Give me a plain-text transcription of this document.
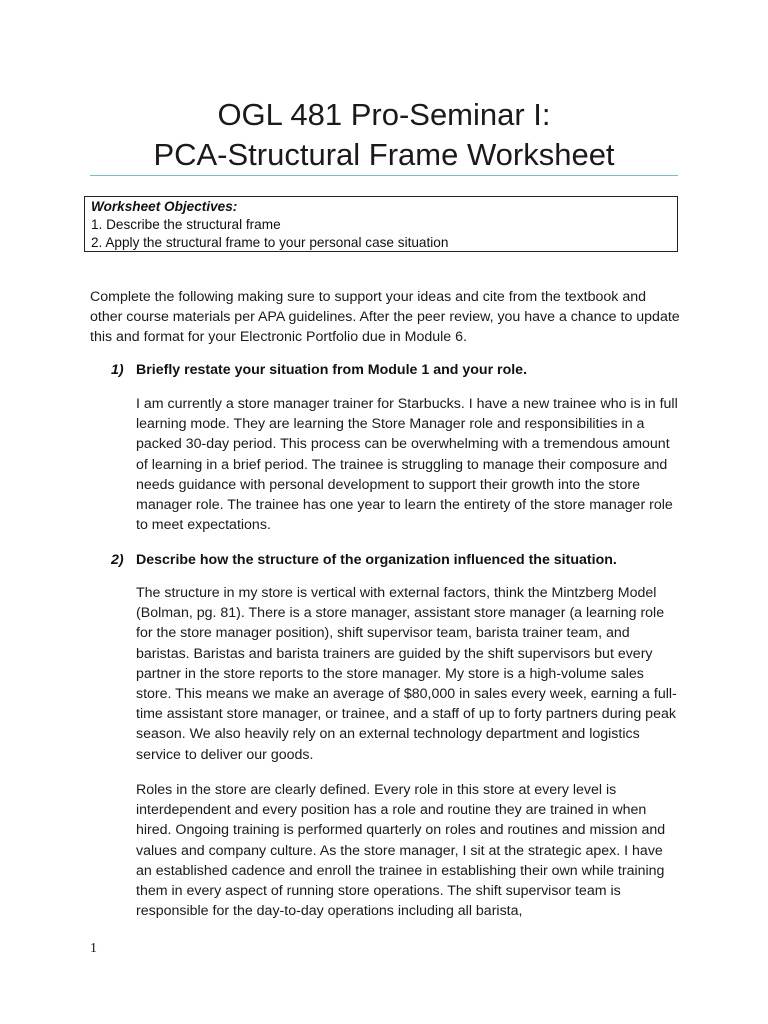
OGL 481 Pro-Seminar I:
PCA-Structural Frame Worksheet
Worksheet Objectives:
1. Describe the structural frame
2. Apply the structural frame to your personal case situation
Complete the following making sure to support your ideas and cite from the textbook and other course materials per APA guidelines. After the peer review, you have a chance to update this and format for your Electronic Portfolio due in Module 6.
1) Briefly restate your situation from Module 1 and your role.
I am currently a store manager trainer for Starbucks. I have a new trainee who is in full learning mode. They are learning the Store Manager role and responsibilities in a packed 30-day period. This process can be overwhelming with a tremendous amount of learning in a brief period. The trainee is struggling to manage their composure and needs guidance with personal development to support their growth into the store manager role. The trainee has one year to learn the entirety of the store manager role to meet expectations.
2) Describe how the structure of the organization influenced the situation.
The structure in my store is vertical with external factors, think the Mintzberg Model (Bolman, pg. 81). There is a store manager, assistant store manager (a learning role for the store manager position), shift supervisor team, barista trainer team, and baristas. Baristas and barista trainers are guided by the shift supervisors but every partner in the store reports to the store manager. My store is a high-volume sales store. This means we make an average of $80,000 in sales every week, earning a full-time assistant store manager, or trainee, and a staff of up to forty partners during peak season. We also heavily rely on an external technology department and logistics service to deliver our goods.
Roles in the store are clearly defined. Every role in this store at every level is interdependent and every position has a role and routine they are trained in when hired. Ongoing training is performed quarterly on roles and routines and mission and values and company culture. As the store manager, I sit at the strategic apex. I have an established cadence and enroll the trainee in establishing their own while training them in every aspect of running store operations. The shift supervisor team is responsible for the day-to-day operations including all barista,
1
